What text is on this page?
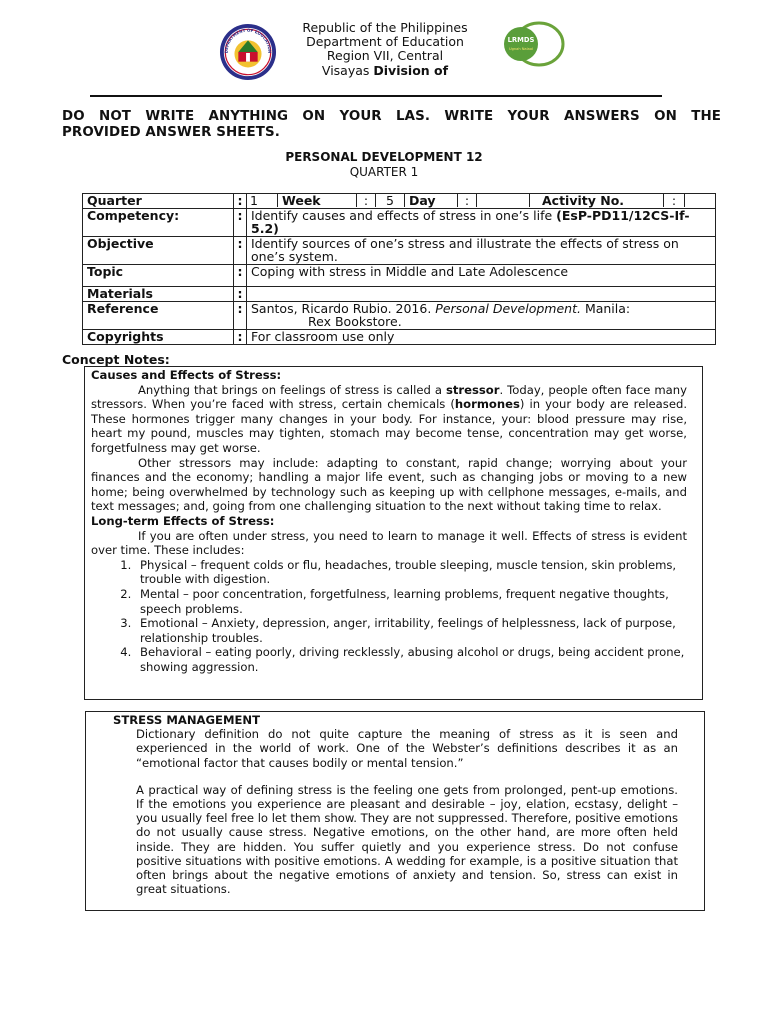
DEPARTMENT OF EDUCATION
LRMDS
Ugnah Nalaol
Republic of the Philippines
Department of Education
Region VII, Central
Visayas Division of
DO NOT WRITE ANYTHING ON YOUR LAS. WRITE YOUR ANSWERS ON THE
PROVIDED ANSWER SHEETS.
PERSONAL DEVELOPMENT 12
QUARTER 1
Quarter	:	1	Week	:	5	Day	:		Activity No.	:	

Competency:	:	Identify causes and effects of stress in one’s life (EsP-PD11/12CS-If-5.2)
Objective	:	Identify sources of one’s stress and illustrate the effects of stress on one’s system.
Topic	:	Coping with stress in Middle and Late Adolescence
Materials	:	
Reference	:	Santos, Ricardo Rubio. 2016. Personal Development. Manila:
Rex Bookstore.
Copyrights	:	For classroom use only
Concept Notes:
Causes and Effects of Stress:

Anything that brings on feelings of stress is called a stressor. Today, people often face many stressors. When you’re faced with stress, certain chemicals (hormones) in your body are released. These hormones trigger many changes in your body. For instance, your: blood pressure may rise, heart my pound, muscles may tighten, stomach may become tense, concentration may get worse, forgetfulness may get worse.

Other stressors may include: adapting to constant, rapid change; worrying about your finances and the economy; handling a major life event, such as changing jobs or moving to a new home; being overwhelmed by technology such as keeping up with cellphone messages, e-mails, and text messages; and, going from one challenging situation to the next without taking time to relax.

Long-term Effects of Stress:

If you are often under stress, you need to learn to manage it well. Effects of stress is evident over time. These includes:

1. Physical – frequent colds or flu, headaches, trouble sleeping, muscle tension, skin problems, trouble with digestion.
2. Mental – poor concentration, forgetfulness, learning problems, frequent negative thoughts, speech problems.
3. Emotional – Anxiety, depression, anger, irritability, feelings of helplessness, lack of purpose, relationship troubles.
4. Behavioral – eating poorly, driving recklessly, abusing alcohol or drugs, being accident prone, showing aggression.
STRESS MANAGEMENT

Dictionary definition do not quite capture the meaning of stress as it is seen and experienced in the world of work. One of the Webster’s definitions describes it as an “emotional factor that causes bodily or mental tension.”

A practical way of defining stress is the feeling one gets from prolonged, pent-up emotions. If the emotions you experience are pleasant and desirable – joy, elation, ecstasy, delight – you usually feel free lo let them show. They are not suppressed. Therefore, positive emotions do not usually cause stress. Negative emotions, on the other hand, are more often held inside. They are hidden. You suffer quietly and you experience stress. Do not confuse positive situations with positive emotions. A wedding for example, is a positive situation that often brings about the negative emotions of anxiety and tension. So, stress can exist in great situations.
